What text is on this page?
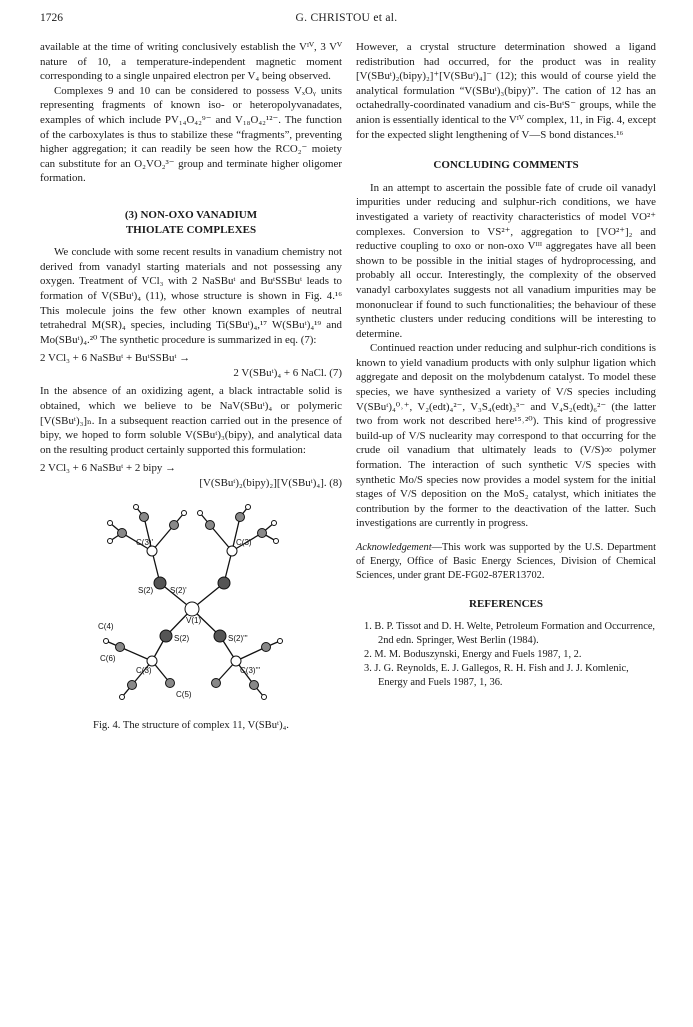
1726	G. CHRISTOU et al.

available at the time of writing conclusively establish the Vᴵⱽ, 3 Vⱽ nature of 10, a temperature-independent magnetic moment corresponding to a single unpaired electron per V₄ being observed.

Complexes 9 and 10 can be considered to possess VₓOᵧ units representing fragments of known iso- or heteropolyvanadates, examples of which include PV₁₄O₄₂⁹⁻ and V₁₈O₄₂¹²⁻. The function of the carboxylates is thus to stabilize these “fragments”, preventing higher aggregation; it can readily be seen how the RCO₂⁻ moiety can substitute for an O₂VO₂³⁻ group and terminate higher oligomer formation.

(3) NON-OXO VANADIUM
THIOLATE COMPLEXES

We conclude with some recent results in vanadium chemistry not derived from vanadyl starting materials and not possessing any oxygen. Treatment of VCl₃ with 2 NaSBuᵗ and BuᵗSSBuᵗ leads to formation of V(SBuᵗ)₄ (11), whose structure is shown in Fig. 4.¹⁶ This molecule joins the few other known examples of neutral tetrahedral M(SR)₄ species, including Ti(SBuᵗ)₄,¹⁷ W(SBuᵗ)₄¹⁹ and Mo(SBuᵗ)₄.²⁰ The synthetic procedure is summarized in eq. (7):

2 VCl₃ + 6 NaSBuᵗ + BuᵗSSBuᵗ →
2 V(SBuᵗ)₄ + 6 NaCl. (7)

In the absence of an oxidizing agent, a black intractable solid is obtained, which we believe to be NaV(SBuᵗ)₄ or polymeric [V(SBuᵗ)₃]ₙ. In a subsequent reaction carried out in the presence of bipy, we hoped to form soluble V(SBuᵗ)₃(bipy), and analytical data on the resulting product certainly supported this formulation:

2 VCl₃ + 6 NaSBuᵗ + 2 bipy →
[V(SBuᵗ)₂(bipy)₂][V(SBuᵗ)₄]. (8)
C(3)'	C(3)
S(2) S(2)'
V(1)
C(4)
S(2)	S(2)'''
C(3)
C(6)
C(5)
C(3)'''
Fig. 4. The structure of complex 11, V(SBuᵗ)₄.

However, a crystal structure determination showed a ligand redistribution had occurred, for the product was in reality [V(SBuᵗ)₂(bipy)₂]⁺[V(SBuᵗ)₄]⁻ (12); this would of course yield the analytical formulation “V(SBuᵗ)₃(bipy)”. The cation of 12 has an octahedrally-coordinated vanadium and cis-BuᵗS⁻ groups, while the anion is essentially identical to the Vᴵⱽ complex, 11, in Fig. 4, except for the expected slight lengthening of V—S bond distances.¹⁶

CONCLUDING COMMENTS

In an attempt to ascertain the possible fate of crude oil vanadyl impurities under reducing and sulphur-rich conditions, we have investigated a variety of reactivity characteristics of model VO²⁺ complexes. Conversion to VS²⁺, aggregation to [VO²⁺]₂ and reductive coupling to oxo or non-oxo Vᴵᴵᴵ aggregates have all been shown to be possible in the initial stages of hydroprocessing, and probably all occur. Interestingly, the complexity of the observed vanadyl carboxylates suggests not all vanadium impurities may be mononuclear if found to such functionalities; the behaviour of these synthetic clusters under reducing conditions will be interesting to determine.

Continued reaction under reducing and sulphur-rich conditions is known to yield vanadium products with only sulphur ligation which aggregate and deposit on the molybdenum catalyst. To model these species, we have synthesized a variety of V/S species including V(SBuᵗ)₄⁰˒⁺, V₂(edt)₄²⁻, V₃S₄(edt)₃³⁻ and V₄S₂(edt)₆²⁻ (the latter two from work not described here¹⁵˒²⁰). This kind of progressive build-up of V/S nuclearity may correspond to that occurring for the crude oil vanadium that ultimately leads to (V/S)∞ polymer formation. The interaction of such synthetic V/S species with synthetic Mo/S species now provides a model system for the initial stages of V/S deposition on the MoS₂ catalyst, which initiates the contribution by the former to the deactivation of the latter. Such investigations are currently in progress.

Acknowledgement—This work was supported by the U.S. Department of Energy, Office of Basic Energy Sciences, Division of Chemical Sciences, under grant DE-FG02-87ER13702.

REFERENCES

1. B. P. Tissot and D. H. Welte, Petroleum Formation and Occurrence, 2nd edn. Springer, West Berlin (1984).

2. M. M. Boduszynski, Energy and Fuels 1987, 1, 2.

3. J. G. Reynolds, E. J. Gallegos, R. H. Fish and J. J. Komlenic, Energy and Fuels 1987, 1, 36.
